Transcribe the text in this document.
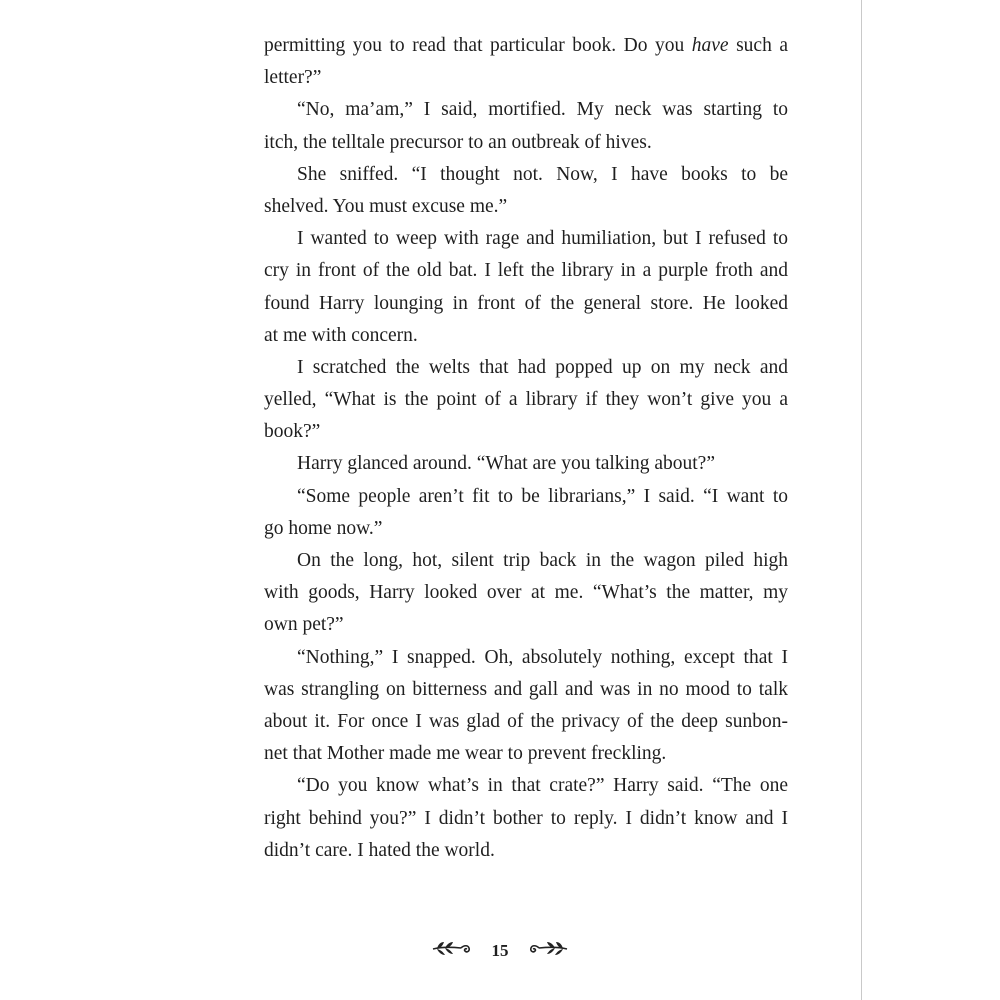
permitting you to read that particular book. Do you have such a
letter?”
“No, ma’am,” I said, mortified. My neck was starting to
itch, the telltale precursor to an outbreak of hives.
She sniffed. “I thought not. Now, I have books to be
shelved. You must excuse me.”
I wanted to weep with rage and humiliation, but I refused to
cry in front of the old bat. I left the library in a purple froth and
found Harry lounging in front of the general store. He looked
at me with concern.
I scratched the welts that had popped up on my neck and
yelled, “What is the point of a library if they won’t give you a
book?”
Harry glanced around. “What are you talking about?”
“Some people aren’t fit to be librarians,” I said. “I want to
go home now.”
On the long, hot, silent trip back in the wagon piled high
with goods, Harry looked over at me. “What’s the matter, my
own pet?”
“Nothing,” I snapped. Oh, absolutely nothing, except that I
was strangling on bitterness and gall and was in no mood to talk
about it. For once I was glad of the privacy of the deep sunbon-
net that Mother made me wear to prevent freckling.
“Do you know what’s in that crate?” Harry said. “The one
right behind you?” I didn’t bother to reply. I didn’t know and I
didn’t care. I hated the world.
15
